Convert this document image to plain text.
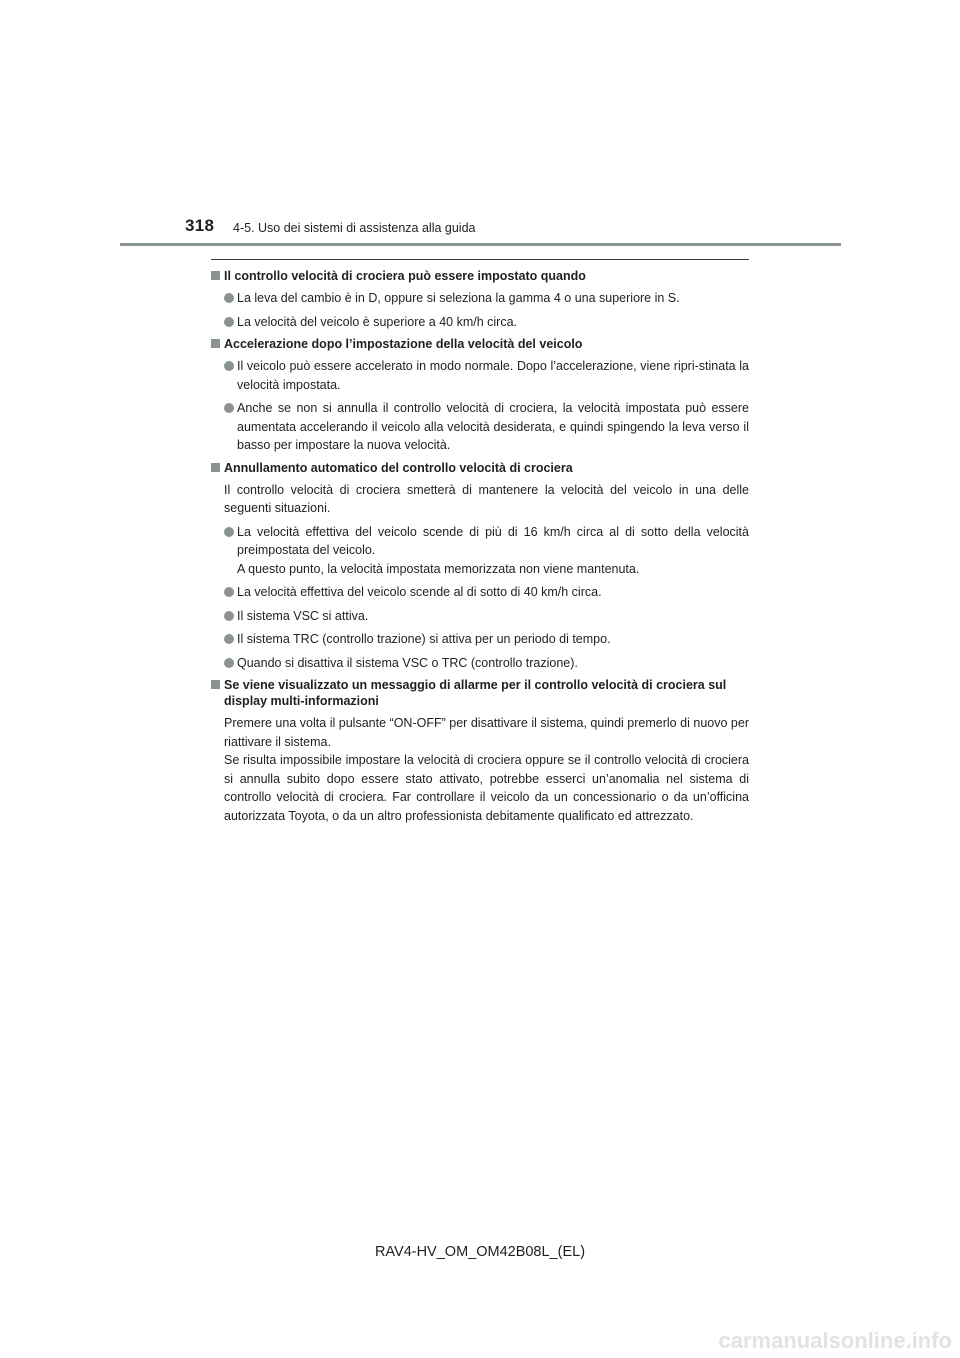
318 4-5. Uso dei sistemi di assistenza alla guida
Il controllo velocità di crociera può essere impostato quando
La leva del cambio è in D, oppure si seleziona la gamma 4 o una superiore in S.
La velocità del veicolo è superiore a 40 km/h circa.
Accelerazione dopo l’impostazione della velocità del veicolo
Il veicolo può essere accelerato in modo normale. Dopo l’accelerazione, viene ripri-stinata la velocità impostata.
Anche se non si annulla il controllo velocità di crociera, la velocità impostata può essere aumentata accelerando il veicolo alla velocità desiderata, e quindi spingendo la leva verso il basso per impostare la nuova velocità.
Annullamento automatico del controllo velocità di crociera
Il controllo velocità di crociera smetterà di mantenere la velocità del veicolo in una delle seguenti situazioni.
La velocità effettiva del veicolo scende di più di 16 km/h circa al di sotto della velocità preimpostata del veicolo.
A questo punto, la velocità impostata memorizzata non viene mantenuta.
La velocità effettiva del veicolo scende al di sotto di 40 km/h circa.
Il sistema VSC si attiva.
Il sistema TRC (controllo trazione) si attiva per un periodo di tempo.
Quando si disattiva il sistema VSC o TRC (controllo trazione).
Se viene visualizzato un messaggio di allarme per il controllo velocità di crociera sul display multi-informazioni
Premere una volta il pulsante “ON-OFF” per disattivare il sistema, quindi premerlo di nuovo per riattivare il sistema.
Se risulta impossibile impostare la velocità di crociera oppure se il controllo velocità di crociera si annulla subito dopo essere stato attivato, potrebbe esserci un’anomalia nel sistema di controllo velocità di crociera. Far controllare il veicolo da un concessionario o da un’officina autorizzata Toyota, o da un altro professionista debitamente qualificato ed attrezzato.
RAV4-HV_OM_OM42B08L_(EL)
carmanualsonline.info
